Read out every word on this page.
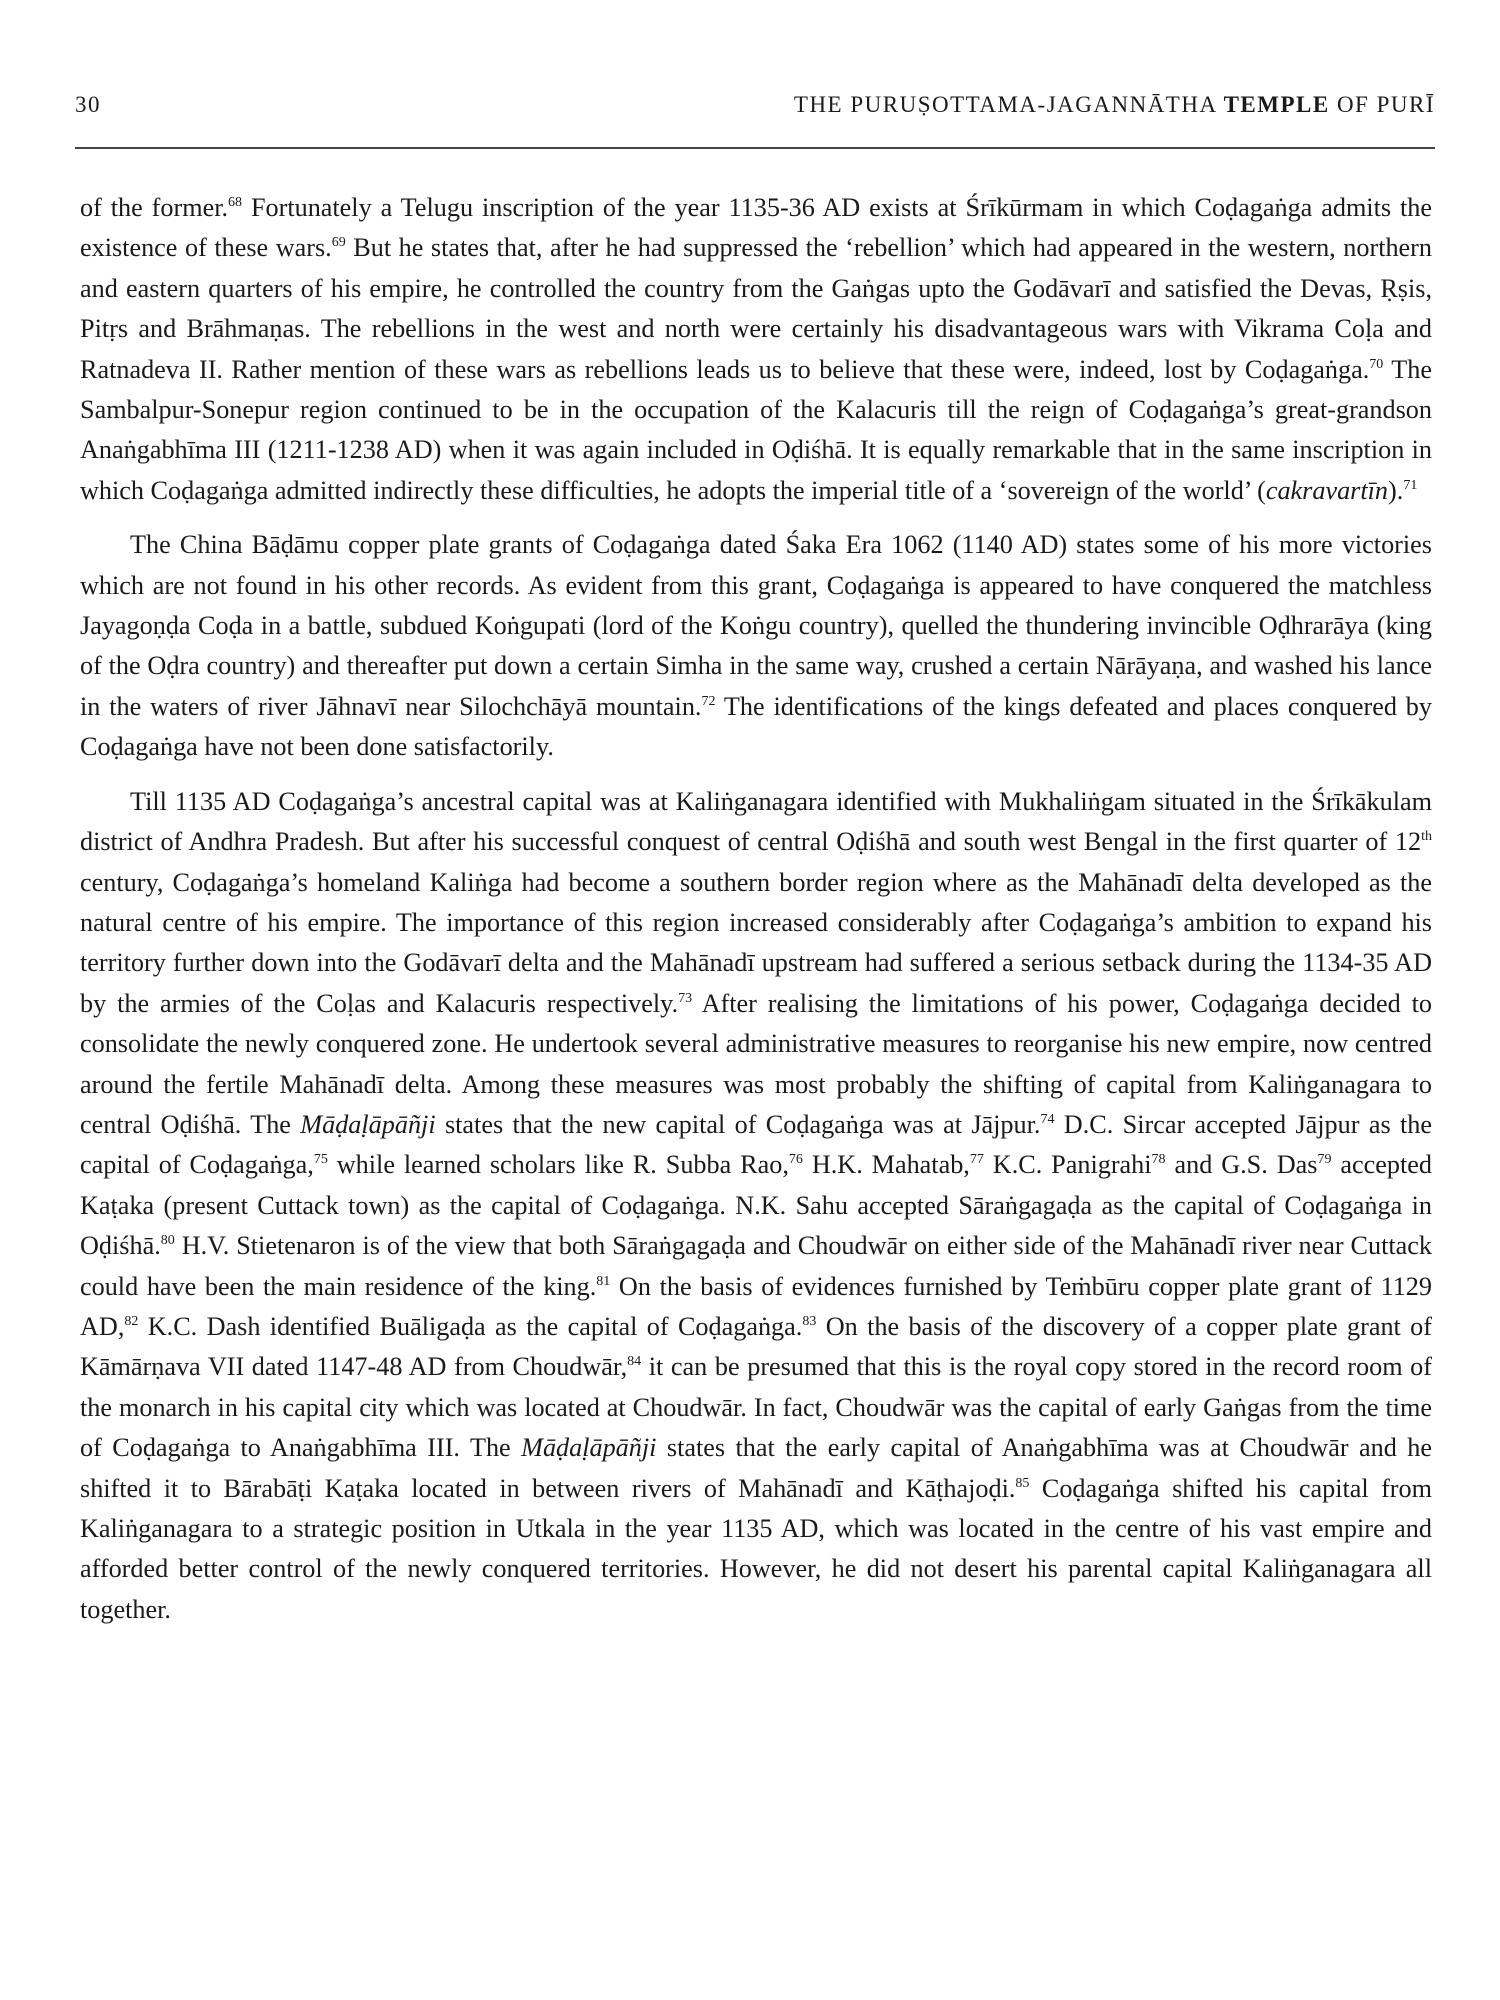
30	THE PURUṢOTTAMA-JAGANNĀTHA TEMPLE OF PURĪ

of the former.$^{68}$ Fortunately a Telugu inscription of the year 1135-36 AD exists at Śrīkūrmam in which Coḍagaṅga admits the existence of these wars.$^{69}$ But he states that, after he had suppressed the ‘rebellion’ which had appeared in the western, northern and eastern quarters of his empire, he controlled the country from the Gaṅgas upto the Godāvarī and satisfied the Devas, Ṛṣis, Pitṛs and Brāhmaṇas. The rebellions in the west and north were certainly his disadvantageous wars with Vikrama Coḷa and Ratnadeva II. Rather mention of these wars as rebellions leads us to believe that these were, indeed, lost by Coḍagaṅga.$^{70}$ The Sambalpur-Sonepur region continued to be in the occupation of the Kalacuris till the reign of Coḍagaṅga’s great-grandson Anaṅgabhīma III (1211-1238 AD) when it was again included in Oḍiśhā. It is equally remarkable that in the same inscription in which Coḍagaṅga admitted indirectly these difficulties, he adopts the imperial title of a ‘sovereign of the world’ (cakravartīn).$^{71}$

The China Bāḍāmu copper plate grants of Coḍagaṅga dated Śaka Era 1062 (1140 AD) states some of his more victories which are not found in his other records. As evident from this grant, Coḍagaṅga is appeared to have conquered the matchless Jayagoṇḍa Coḍa in a battle, subdued Koṅgupati (lord of the Koṅgu country), quelled the thundering invincible Oḍhrarāya (king of the Oḍra country) and thereafter put down a certain Simha in the same way, crushed a certain Nārāyaṇa, and washed his lance in the waters of river Jāhnavī near Silochchāyā mountain.$^{72}$ The identifications of the kings defeated and places conquered by Coḍagaṅga have not been done satisfactorily.

Till 1135 AD Coḍagaṅga’s ancestral capital was at Kaliṅganagara identified with Mukhaliṅgam situated in the Śrīkākulam district of Andhra Pradesh. But after his successful conquest of central Oḍiśhā and south west Bengal in the first quarter of 12th century, Coḍagaṅga’s homeland Kaliṅga had become a southern border region where as the Mahānadī delta developed as the natural centre of his empire. The importance of this region increased considerably after Coḍagaṅga’s ambition to expand his territory further down into the Godāvarī delta and the Mahānadī upstream had suffered a serious setback during the 1134-35 AD by the armies of the Coḷas and Kalacuris respectively.$^{73}$ After realising the limitations of his power, Coḍagaṅga decided to consolidate the newly conquered zone. He undertook several administrative measures to reorganise his new empire, now centred around the fertile Mahānadī delta. Among these measures was most probably the shifting of capital from Kaliṅganagara to central Oḍiśhā. The Māḍaḷāpāñji states that the new capital of Coḍagaṅga was at Jājpur.$^{74}$ D.C. Sircar accepted Jājpur as the capital of Coḍagaṅga,$^{75}$ while learned scholars like R. Subba Rao,$^{76}$ H.K. Mahatab,$^{77}$ K.C. Panigrahi$^{78}$ and G.S. Das$^{79}$ accepted Kaṭaka (present Cuttack town) as the capital of Coḍagaṅga. N.K. Sahu accepted Sāraṅgagaḍa as the capital of Coḍagaṅga in Oḍiśhā.$^{80}$ H.V. Stietenaron is of the view that both Sāraṅgagaḍa and Choudwār on either side of the Mahānadī river near Cuttack could have been the main residence of the king.$^{81}$ On the basis of evidences furnished by Teṁbūru copper plate grant of 1129 AD,$^{82}$ K.C. Dash identified Buāligaḍa as the capital of Coḍagaṅga.$^{83}$ On the basis of the discovery of a copper plate grant of Kāmārṇava VII dated 1147-48 AD from Choudwār,$^{84}$ it can be presumed that this is the royal copy stored in the record room of the monarch in his capital city which was located at Choudwār. In fact, Choudwār was the capital of early Gaṅgas from the time of Coḍagaṅga to Anaṅgabhīma III. The Māḍaḷāpāñji states that the early capital of Anaṅgabhīma was at Choudwār and he shifted it to Bārabāṭi Kaṭaka located in between rivers of Mahānadī and Kāṭhajoḍi.$^{85}$ Coḍagaṅga shifted his capital from Kaliṅganagara to a strategic position in Utkala in the year 1135 AD, which was located in the centre of his vast empire and afforded better control of the newly conquered territories. However, he did not desert his parental capital Kaliṅganagara all together.
